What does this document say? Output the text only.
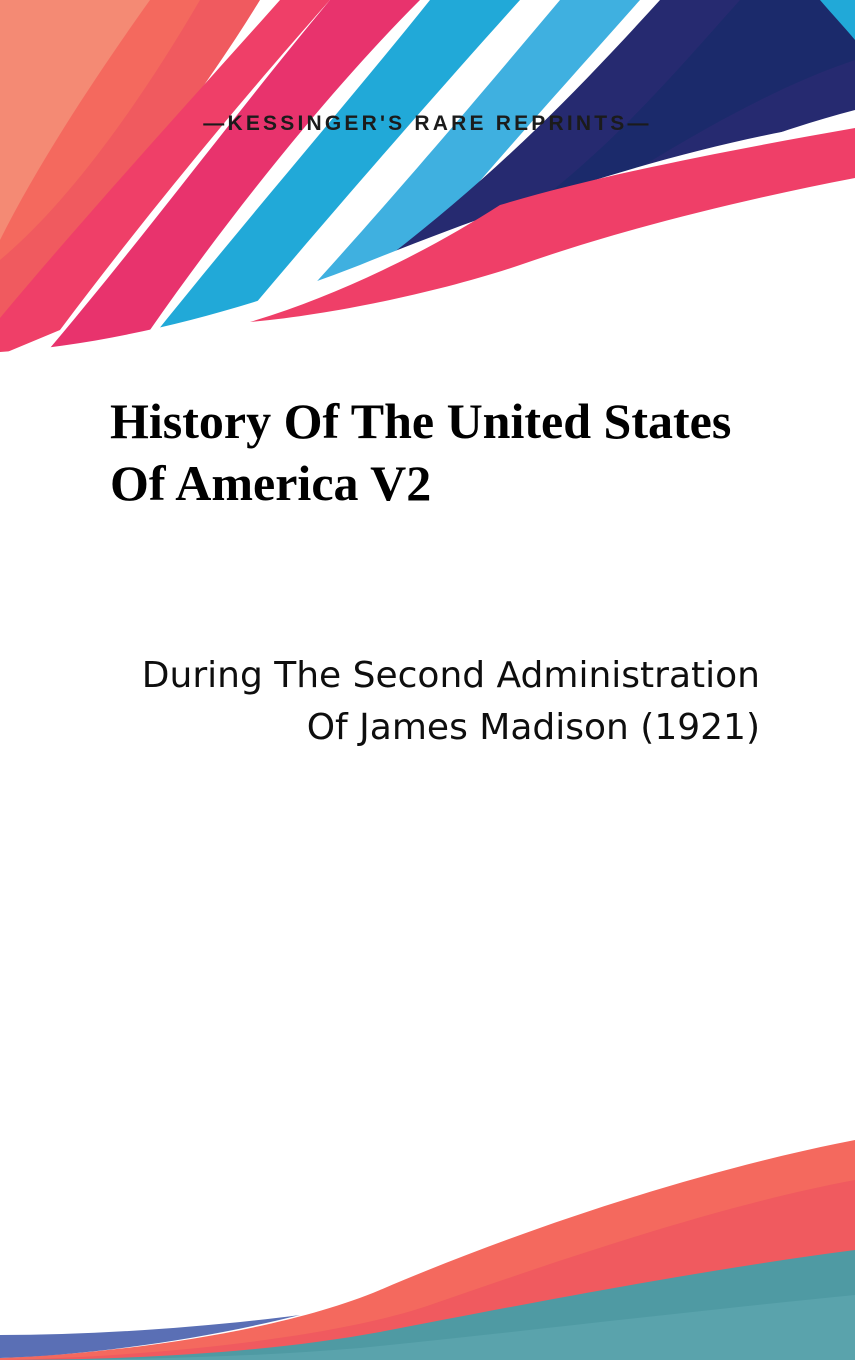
—KESSINGER'S RARE REPRINTS—
History Of The United States Of America V2
During The Second Administration Of James Madison (1921)
